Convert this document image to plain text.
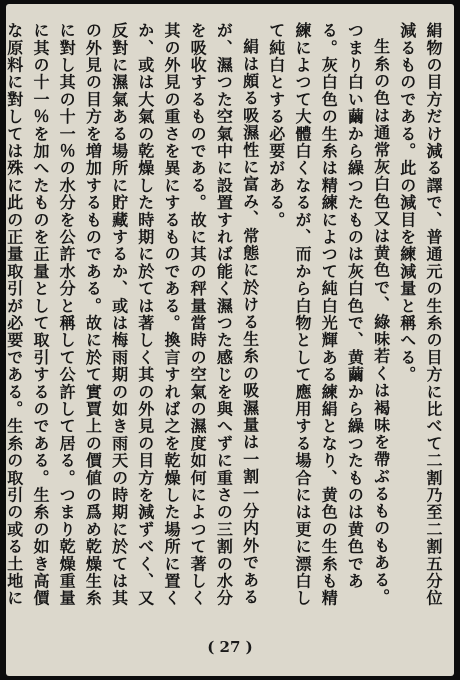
絹物の目方だけ減る譯で、普通元の生糸の目方に比べて二割乃至二割五分位減るものである。此の減目を練減量と稱へる。

生糸の色は通常灰白色又は黄色で、綠味若くは褐味を帶ぶるものもある。つまり白い繭から繰つたものは灰白色で、黄繭から繰つたものは黄色である。灰白色の生糸は精練によつて純白光輝ある練絹となり、黄色の生糸も精練によつて大體白くなるが、而から白物として應用する場合には更に漂白して純白とする必要がある。

絹は頗る吸濕性に富み、常態に於ける生糸の吸濕量は一割一分内外であるが、濕つた空氣中に設置すれば能く濕つた感じを與へずに重さの三割の水分を吸收するものである。故に其の秤量當時の空氣の濕度如何によつて著しく其の外見の重さを異にするものである。換言すれば之を乾燥した場所に置くか、或は大氣の乾燥した時期に於ては著しく其の外見の目方を減ずべく、又反對に濕氣ある場所に貯藏するか、或は梅雨期の如き雨天の時期に於ては其の外見の目方を増加するものである。故に於て實賈上の價値の爲め乾燥生糸に對し其の十一％の水分を公許水分と稱して公許して居る。つまり乾燥重量に其の十一％を加へたものを正量として取引するのである。生糸の如き高價な原料に對しては殊に此の正量取引が必要である。生糸の取引の或る土地に

( 27 )
